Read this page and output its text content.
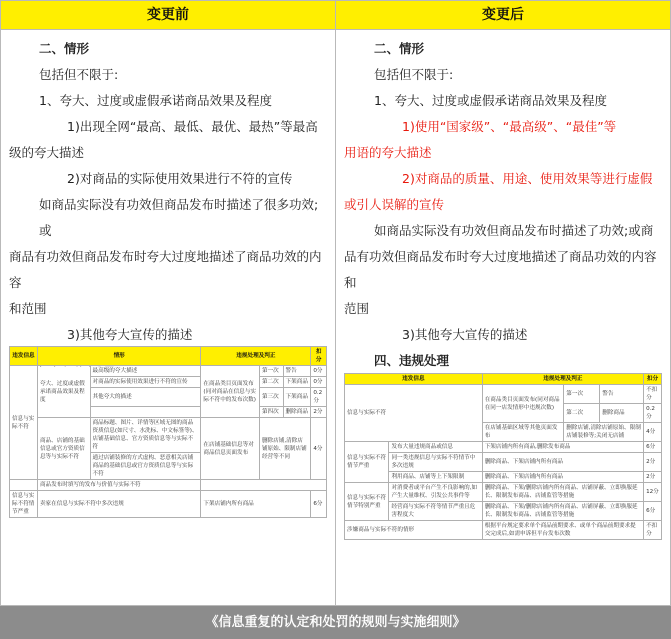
变更前

二、情形

包括但不限于:

1、夸大、过度或虚假承诺商品效果及程度

1)出现全网“最高、最低、最优、最热”等最高

级的夸大描述

2)对商品的实际使用效果进行不符的宣传

如商品实际没有功效但商品发布时描述了很多功效;或

商品有功效但商品发布时夸大过度地描述了商品功效的内容

和范围

3)其他夸大宣传的描述

违发信息	情形		违规处理及判正			扣分
信息与实际不符	夸大、过度或虚假承诺商品效果及程度	最高级的夸大描述	在商品类目页面发布(同对商品在信息与实际不符中的发布次数)	第一次	警告	0分
		对商品的实际使用效果进行不符的宣传		第二次	下架商品	0分
		其他夸大的描述		第三次	下架商品	0.2分
				第四次	删除商品	2分
	商品、店铺的基础信息或官方资质信息等与实际不符	商品标题、图片、详情等区域无图的商品资质信息(如尺寸、水洗标、中文标签等)、店铺基础信息、官方资质信息等与实际不符	在店铺基础信息等对商品信息页面发布	删除店铺,清除店铺原始、限制店铺经营等不同		4分
		通过店铺装修的方式虚构、恶意相关店铺商品的基础信息或官方资质信息等与实际不符				
	商品发布时填写的发布与价值与实际不符					
信息与实际不符情节严重	卖家在信息与实际不符中多次违规		下架店铺内所有商品			6分
变更后

二、情形

包括但不限于:

1、夸大、过度或虚假承诺商品效果及程度

1)使用“国家级”、“最高级”、“最佳”等

用语的夸大描述

2)对商品的质量、用途、使用效果等进行虚假

或引人误解的宣传

如商品实际没有功效但商品发布时描述了功效;或商

品有功效但商品发布时夸大过度地描述了商品功效的内容和

范围

3)其他夸大宣传的描述

四、违规处理

违发信息		违规处理及判正			扣分
信息与实际不符		在商品类目页面发布(同对商品在同一店发情形中违规次数)	第一次	警告	不扣分
			第二次	删除商品	0.2分
		在店铺基础区域等其他页面发布	删除店铺,清除店铺原始、限制店铺装修等;关闭无店铺		4分
信息与实际不符情节严重	发布大量违规商品或信息	下架店铺内所有商品,删除发布商品			6分
	同一类违规信息与实际不符情节中多次违规	删除商品、下架店铺内所有商品			2分
	利用商品、店铺等上下架限制	删除商品、下架店铺内所有商品			2分
信息与实际不符情节特别严重	对消费者或平台产生不良影响的,如产生大量维权、引发公共事件等	删除商品、下架/删除店铺内所有商品、店铺屏蔽、立即换服延长、限制发布商品、店铺监管等措施			12分
	经营商与实际不符等情节严重且危害程度大	删除商品、下架/删除店铺内所有商品、店铺屏蔽、立即换服延长、限制发布商品、店铺监管等措施			6分
涉嫌商品与实际不符的情形		根据平台规定要求单个商品前期要求、或单个商品前期要求提交完成后,如需申诉但平台发布次数			不扣分
《信息重复的认定和处罚的规则与实施细则》
